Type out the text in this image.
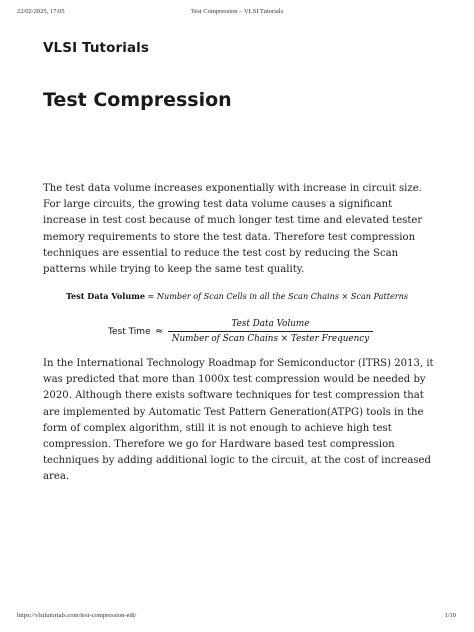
22/02/2025, 17:05	Test Compression – VLSI Tutorials
VLSI Tutorials
Test Compression

The test data volume increases exponentially with increase in circuit size. For large circuits, the growing test data volume causes a significant increase in test cost because of much longer test time and elevated tester memory requirements to store the test data. Therefore test compression techniques are essential to reduce the test cost by reducing the Scan patterns while trying to keep the same test quality.

Test Data Volume ≈ Number of Scan Cells in all the Scan Chains × Scan Patterns
Test Time ≈
Test Data Volume
Number of Scan Chains × Tester Frequency

In the International Technology Roadmap for Semiconductor (ITRS) 2013, it was predicted that more than 1000x test compression would be needed by 2020. Although there exists software techniques for test compression that are implemented by Automatic Test Pattern Generation(ATPG) tools in the form of complex algorithm, still it is not enough to achieve high test compression. Therefore we go for Hardware based test compression techniques by adding additional logic to the circuit, at the cost of increased area.

https://vlsitutorials.com/test-compression-edt/	1/10
